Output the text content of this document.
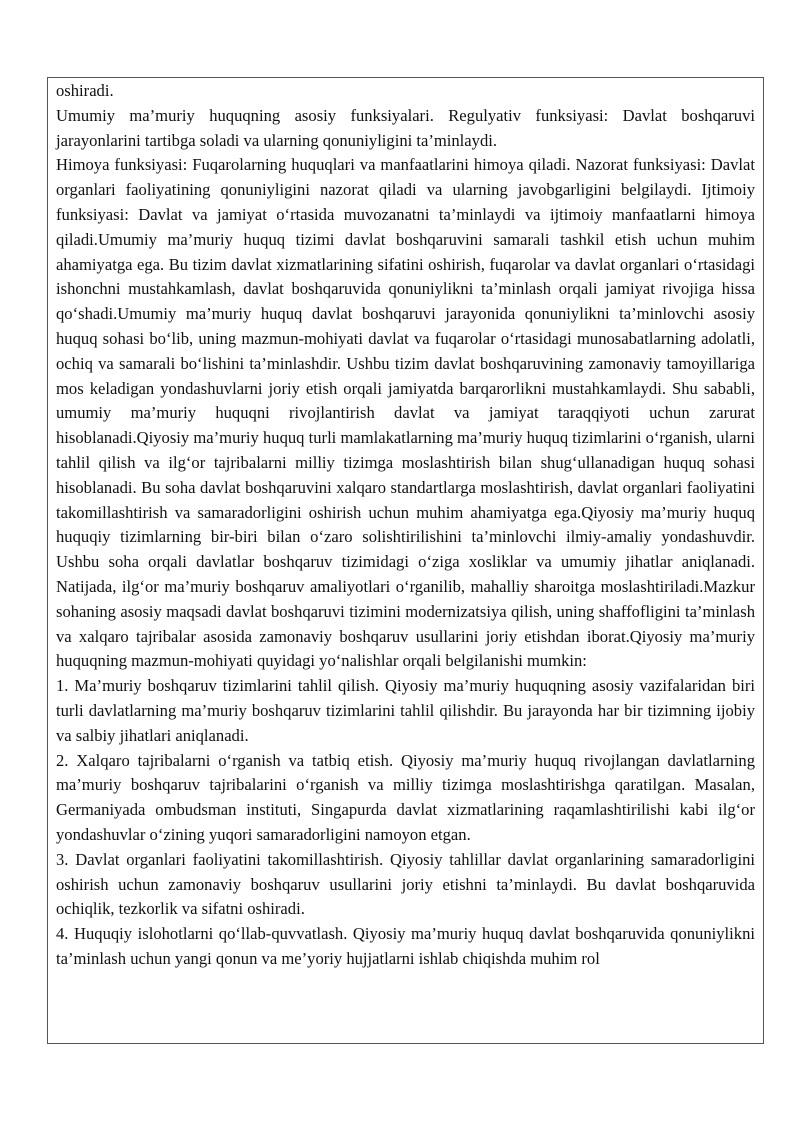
oshiradi.

Umumiy ma’muriy huquqning asosiy funksiyalari. Regulyativ funksiyasi: Davlat boshqaruvi jarayonlarini tartibga soladi va ularning qonuniyligini ta’minlaydi.

Himoya funksiyasi: Fuqarolarning huquqlari va manfaatlarini himoya qiladi. Nazorat funksiyasi: Davlat organlari faoliyatining qonuniyligini nazorat qiladi va ularning javobgarligini belgilaydi. Ijtimoiy funksiyasi: Davlat va jamiyat o‘rtasida muvozanatni ta’minlaydi va ijtimoiy manfaatlarni himoya qiladi.Umumiy ma’muriy huquq tizimi davlat boshqaruvini samarali tashkil etish uchun muhim ahamiyatga ega. Bu tizim davlat xizmatlarining sifatini oshirish, fuqarolar va davlat organlari o‘rtasidagi ishonchni mustahkamlash, davlat boshqaruvida qonuniylikni ta’minlash orqali jamiyat rivojiga hissa qo‘shadi.Umumiy ma’muriy huquq davlat boshqaruvi jarayonida qonuniylikni ta’minlovchi asosiy huquq sohasi bo‘lib, uning mazmun-mohiyati davlat va fuqarolar o‘rtasidagi munosabatlarning adolatli, ochiq va samarali bo‘lishini ta’minlashdir. Ushbu tizim davlat boshqaruvining zamonaviy tamoyillariga mos keladigan yondashuvlarni joriy etish orqali jamiyatda barqarorlikni mustahkamlaydi. Shu sababli, umumiy ma’muriy huquqni rivojlantirish davlat va jamiyat taraqqiyoti uchun zarurat hisoblanadi.Qiyosiy ma’muriy huquq turli mamlakatlarning ma’muriy huquq tizimlarini o‘rganish, ularni tahlil qilish va ilg‘or tajribalarni milliy tizimga moslashtirish bilan shug‘ullanadigan huquq sohasi hisoblanadi. Bu soha davlat boshqaruvini xalqaro standartlarga moslashtirish, davlat organlari faoliyatini takomillashtirish va samaradorligini oshirish uchun muhim ahamiyatga ega.Qiyosiy ma’muriy huquq huquqiy tizimlarning bir-biri bilan o‘zaro solishtirilishini ta’minlovchi ilmiy-amaliy yondashuvdir. Ushbu soha orqali davlatlar boshqaruv tizimidagi o‘ziga xosliklar va umumiy jihatlar aniqlanadi. Natijada, ilg‘or ma’muriy boshqaruv amaliyotlari o‘rganilib, mahalliy sharoitga moslashtiriladi.Mazkur sohaning asosiy maqsadi davlat boshqaruvi tizimini modernizatsiya qilish, uning shaffofligini ta’minlash va xalqaro tajribalar asosida zamonaviy boshqaruv usullarini joriy etishdan iborat.Qiyosiy ma’muriy huquqning mazmun-mohiyati quyidagi yo‘nalishlar orqali belgilanishi mumkin:

1. Ma’muriy boshqaruv tizimlarini tahlil qilish. Qiyosiy ma’muriy huquqning asosiy vazifalaridan biri turli davlatlarning ma’muriy boshqaruv tizimlarini tahlil qilishdir. Bu jarayonda har bir tizimning ijobiy va salbiy jihatlari aniqlanadi.

2. Xalqaro tajribalarni o‘rganish va tatbiq etish. Qiyosiy ma’muriy huquq rivojlangan davlatlarning ma’muriy boshqaruv tajribalarini o‘rganish va milliy tizimga moslashtirishga qaratilgan. Masalan, Germaniyada ombudsman instituti, Singapurda davlat xizmatlarining raqamlashtirilishi kabi ilg‘or yondashuvlar o‘zining yuqori samaradorligini namoyon etgan.

3. Davlat organlari faoliyatini takomillashtirish. Qiyosiy tahlillar davlat organlarining samaradorligini oshirish uchun zamonaviy boshqaruv usullarini joriy etishni ta’minlaydi. Bu davlat boshqaruvida ochiqlik, tezkorlik va sifatni oshiradi.

4. Huquqiy islohotlarni qo‘llab-quvvatlash. Qiyosiy ma’muriy huquq davlat boshqaruvida qonuniylikni ta’minlash uchun yangi qonun va me’yoriy hujjatlarni ishlab chiqishda muhim rol
